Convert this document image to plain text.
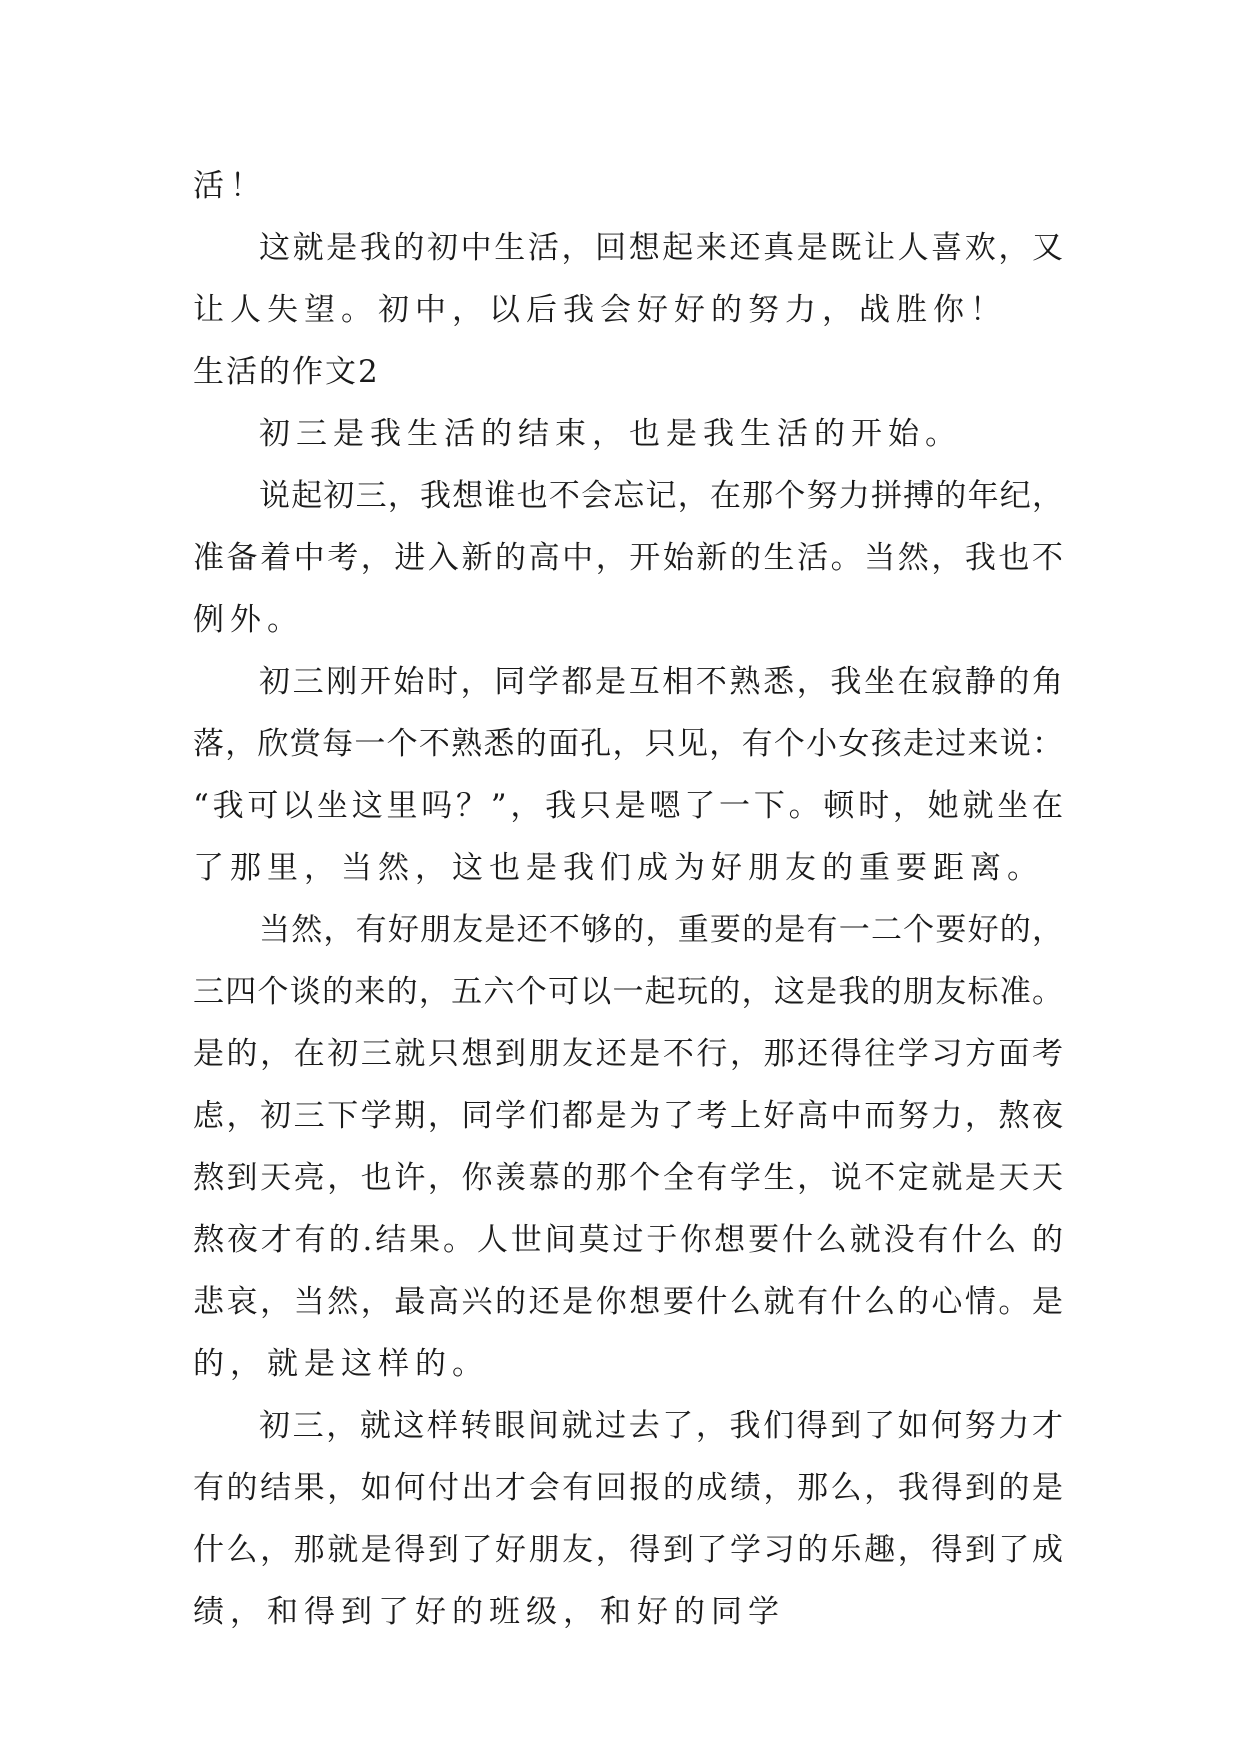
活！
这就是我的初中生活，回想起来还真是既让人喜欢，又
让人失望。初中，以后我会好好的努力，战胜你！
生活的作文2
初三是我生活的结束，也是我生活的开始。
说起初三，我想谁也不会忘记，在那个努力拼搏的年纪，
准备着中考，进入新的高中，开始新的生活。当然，我也不
例外。
初三刚开始时，同学都是互相不熟悉，我坐在寂静的角
落，欣赏每一个不熟悉的面孔，只见，有个小女孩走过来说：
“我可以坐这里吗？”，我只是嗯了一下。顿时，她就坐在
了那里，当然，这也是我们成为好朋友的重要距离。
当然，有好朋友是还不够的，重要的是有一二个要好的，
三四个谈的来的，五六个可以一起玩的，这是我的朋友标准。
是的，在初三就只想到朋友还是不行，那还得往学习方面考
虑，初三下学期，同学们都是为了考上好高中而努力，熬夜
熬到天亮，也许，你羡慕的那个全有学生，说不定就是天天
熬夜才有的.结果。人世间莫过于你想要什么就没有什么 的
悲哀，当然，最高兴的还是你想要什么就有什么的心情。是
的，就是这样的。
初三，就这样转眼间就过去了，我们得到了如何努力才
有的结果，如何付出才会有回报的成绩，那么，我得到的是
什么，那就是得到了好朋友，得到了学习的乐趣，得到了成
绩，和得到了好的班级，和好的同学
